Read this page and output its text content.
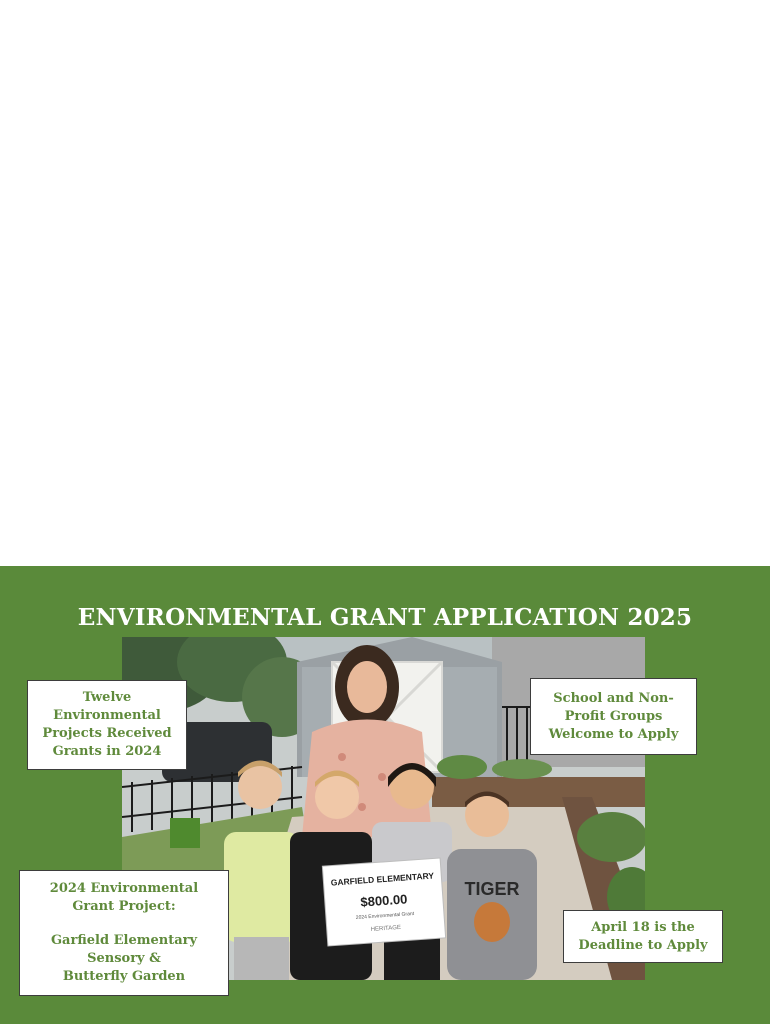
ENVIRONMENTAL GRANT APPLICATION 2025
TIGER
GARFIELD ELEMENTARY
$800.00
2024 Environmental Grant
HERITAGE
Twelve
Environmental
Projects Received
Grants in 2024
School and Non-
Profit Groups
Welcome to Apply
2024 Environmental
Grant Project:
Garfield Elementary
Sensory &
Butterfly Garden
April 18 is the
Deadline to Apply
